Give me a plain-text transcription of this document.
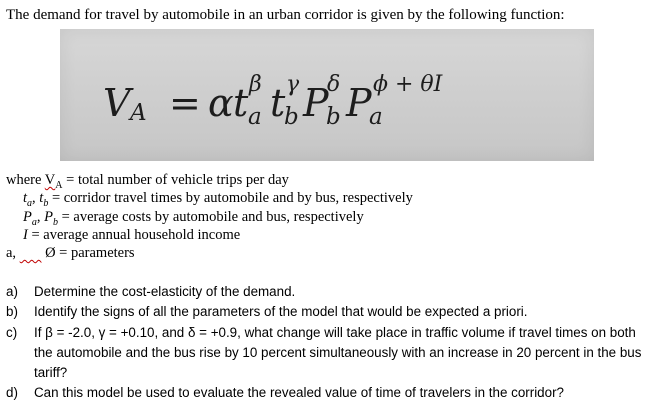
The demand for travel by automobile in an urban corridor is given by the following function:
V A = α t a
β t
b
γ P
b
δ P
a
ϕ + θI
where $V_A$ = total number of vehicle trips per day
$t_a$, $t_b$ = corridor travel times by automobile and by bus, respectively
$P_a$, $P_b$ = average costs by automobile and bus, respectively
I = average annual household income
a,        Ø = parameters
a)	Determine the cost-elasticity of the demand.
b)	Identify the signs of all the parameters of the model that would be expected a priori.
c)	If β = -2.0, γ = +0.10, and δ = +0.9, what change will take place in traffic volume if travel times on both the automobile and the bus rise by 10 percent simultaneously with an increase in 20 percent in the bus tariff?
d)	Can this model be used to evaluate the revealed value of time of travelers in the corridor?
